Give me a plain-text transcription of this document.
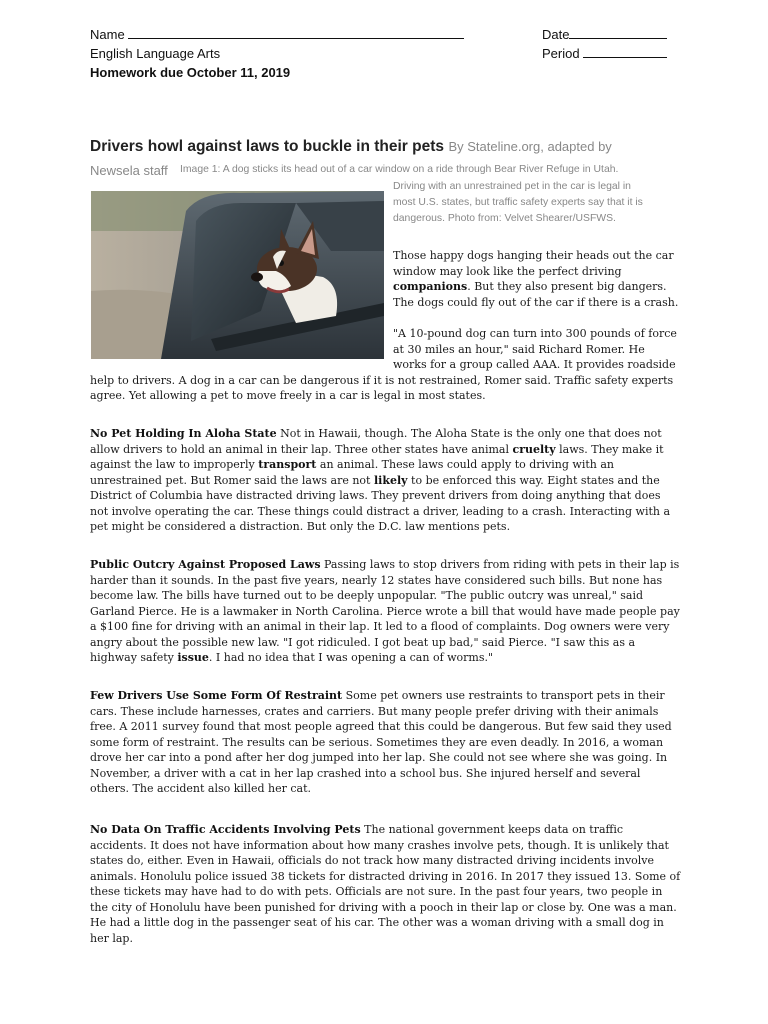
Name	Date
English Language Arts	Period
Homework due October 11, 2019
Drivers howl against laws to buckle in their pets By Stateline.org, adapted by
Newsela staff Image 1: A dog sticks its head out of a car window on a ride through Bear River Refuge in Utah.
Driving with an unrestrained pet in the car is legal in
most U.S. states, but traffic safety experts say that it is
dangerous. Photo from: Velvet Shearer/USFWS.
Those happy dogs hanging their heads out the car
window may look like the perfect driving
companions. But they also present big dangers.
The dogs could fly out of the car if there is a crash.
"A 10-pound dog can turn into 300 pounds of force
at 30 miles an hour," said Richard Romer. He
works for a group called AAA. It provides roadside
help to drivers. A dog in a car can be dangerous if it is not restrained, Romer said. Traffic safety experts
agree. Yet allowing a pet to move freely in a car is legal in most states.
No Pet Holding In Aloha State Not in Hawaii, though. The Aloha State is the only one that does not allow drivers to hold an animal in their lap. Three other states have animal cruelty laws. They make it against the law to improperly transport an animal. These laws could apply to driving with an unrestrained pet. But Romer said the laws are not likely to be enforced this way. Eight states and the District of Columbia have distracted driving laws. They prevent drivers from doing anything that does not involve operating the car. These things could distract a driver, leading to a crash. Interacting with a pet might be considered a distraction. But only the D.C. law mentions pets.
Public Outcry Against Proposed Laws Passing laws to stop drivers from riding with pets in their lap is harder than it sounds. In the past five years, nearly 12 states have considered such bills. But none has become law. The bills have turned out to be deeply unpopular. "The public outcry was unreal," said Garland Pierce. He is a lawmaker in North Carolina. Pierce wrote a bill that would have made people pay a $100 fine for driving with an animal in their lap. It led to a flood of complaints. Dog owners were very angry about the possible new law. "I got ridiculed. I got beat up bad," said Pierce. "I saw this as a highway safety issue. I had no idea that I was opening a can of worms."
Few Drivers Use Some Form Of Restraint Some pet owners use restraints to transport pets in their cars. These include harnesses, crates and carriers. But many people prefer driving with their animals free. A 2011 survey found that most people agreed that this could be dangerous. But few said they used some form of restraint. The results can be serious. Sometimes they are even deadly. In 2016, a woman drove her car into a pond after her dog jumped into her lap. She could not see where she was going. In November, a driver with a cat in her lap crashed into a school bus. She injured herself and several others. The accident also killed her cat.
No Data On Traffic Accidents Involving Pets The national government keeps data on traffic accidents. It does not have information about how many crashes involve pets, though. It is unlikely that states do, either. Even in Hawaii, officials do not track how many distracted driving incidents involve animals. Honolulu police issued 38 tickets for distracted driving in 2016. In 2017 they issued 13. Some of these tickets may have had to do with pets. Officials are not sure. In the past four years, two people in the city of Honolulu have been punished for driving with a pooch in their lap or close by. One was a man. He had a little dog in the passenger seat of his car. The other was a woman driving with a small dog in her lap.
